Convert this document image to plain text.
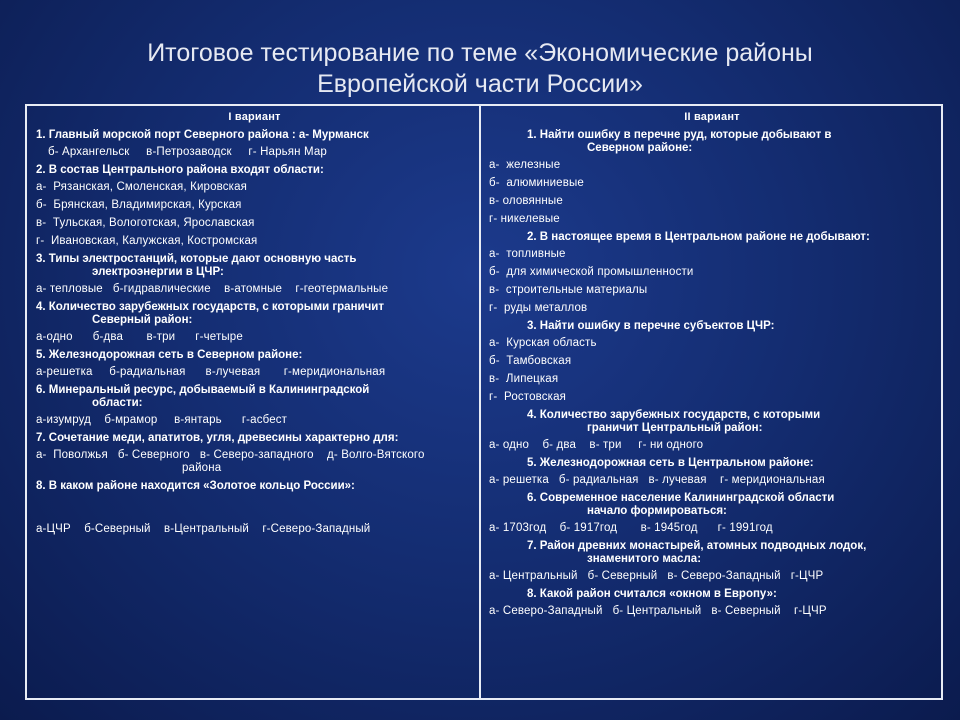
Итоговое тестирование по теме «Экономические районы
Европейской части России»
I вариант
1. Главный морской порт Северного района : а- Мурманск
б- Архангельск     в-Петрозаводск     г- Нарьян Мар
2. В состав Центрального района входят области:
а-  Рязанская, Смоленская, Кировская
б-  Брянская, Владимирская, Курская
в-  Тульская, Вологотская, Ярославская
г-  Ивановская, Калужская, Костромская
3. Типы электростанций, которые дают основную часть
электроэнергии в ЦЧР:
а- тепловые   б-гидравлические    в-атомные    г-геотермальные
4. Количество зарубежных государств, с которыми граничит
Северный район:
а-одно      б-два       в-три      г-четыре
5. Железнодорожная сеть в Северном районе:
а-решетка     б-радиальная      в-лучевая       г-меридиональная
6. Минеральный ресурс, добываемый в Калининградской
области:
а-изумруд    б-мрамор     в-янтарь      г-асбест
7. Сочетание меди, апатитов, угля, древесины характерно для:
а-  Поволжья   б- Северного   в- Северо-западного    д- Волго-Вятского
района
8. В каком районе находится «Золотое кольцо России»:
а-ЦЧР    б-Северный    в-Центральный    г-Северо-Западный
II вариант
1. Найти ошибку в перечне руд, которые добывают в
Северном районе:
а-  железные
б-  алюминиевые
в- оловянные
г- никелевые
2. В настоящее время в Центральном районе не добывают:
а-  топливные
б-  для химической промышленности
в-  строительные материалы
г-  руды металлов
3. Найти ошибку в перечне субъектов ЦЧР:
а-  Курская область
б-  Тамбовская
в-  Липецкая
г-  Ростовская
4. Количество зарубежных государств, с которыми
граничит Центральный район:
а- одно    б- два    в- три     г- ни одного
5. Железнодорожная сеть в Центральном районе:
а- решетка   б- радиальная   в- лучевая    г- меридиональная
6. Современное население Калининградской области
начало формироваться:
а- 1703год    б- 1917год       в- 1945год      г- 1991год
7. Район древних монастырей, атомных подводных лодок,
знаменитого масла:
а- Центральный   б- Северный   в- Северо-Западный   г-ЦЧР
8. Какой район считался «окном в Европу»:
а- Северо-Западный   б- Центральный   в- Северный    г-ЦЧР
